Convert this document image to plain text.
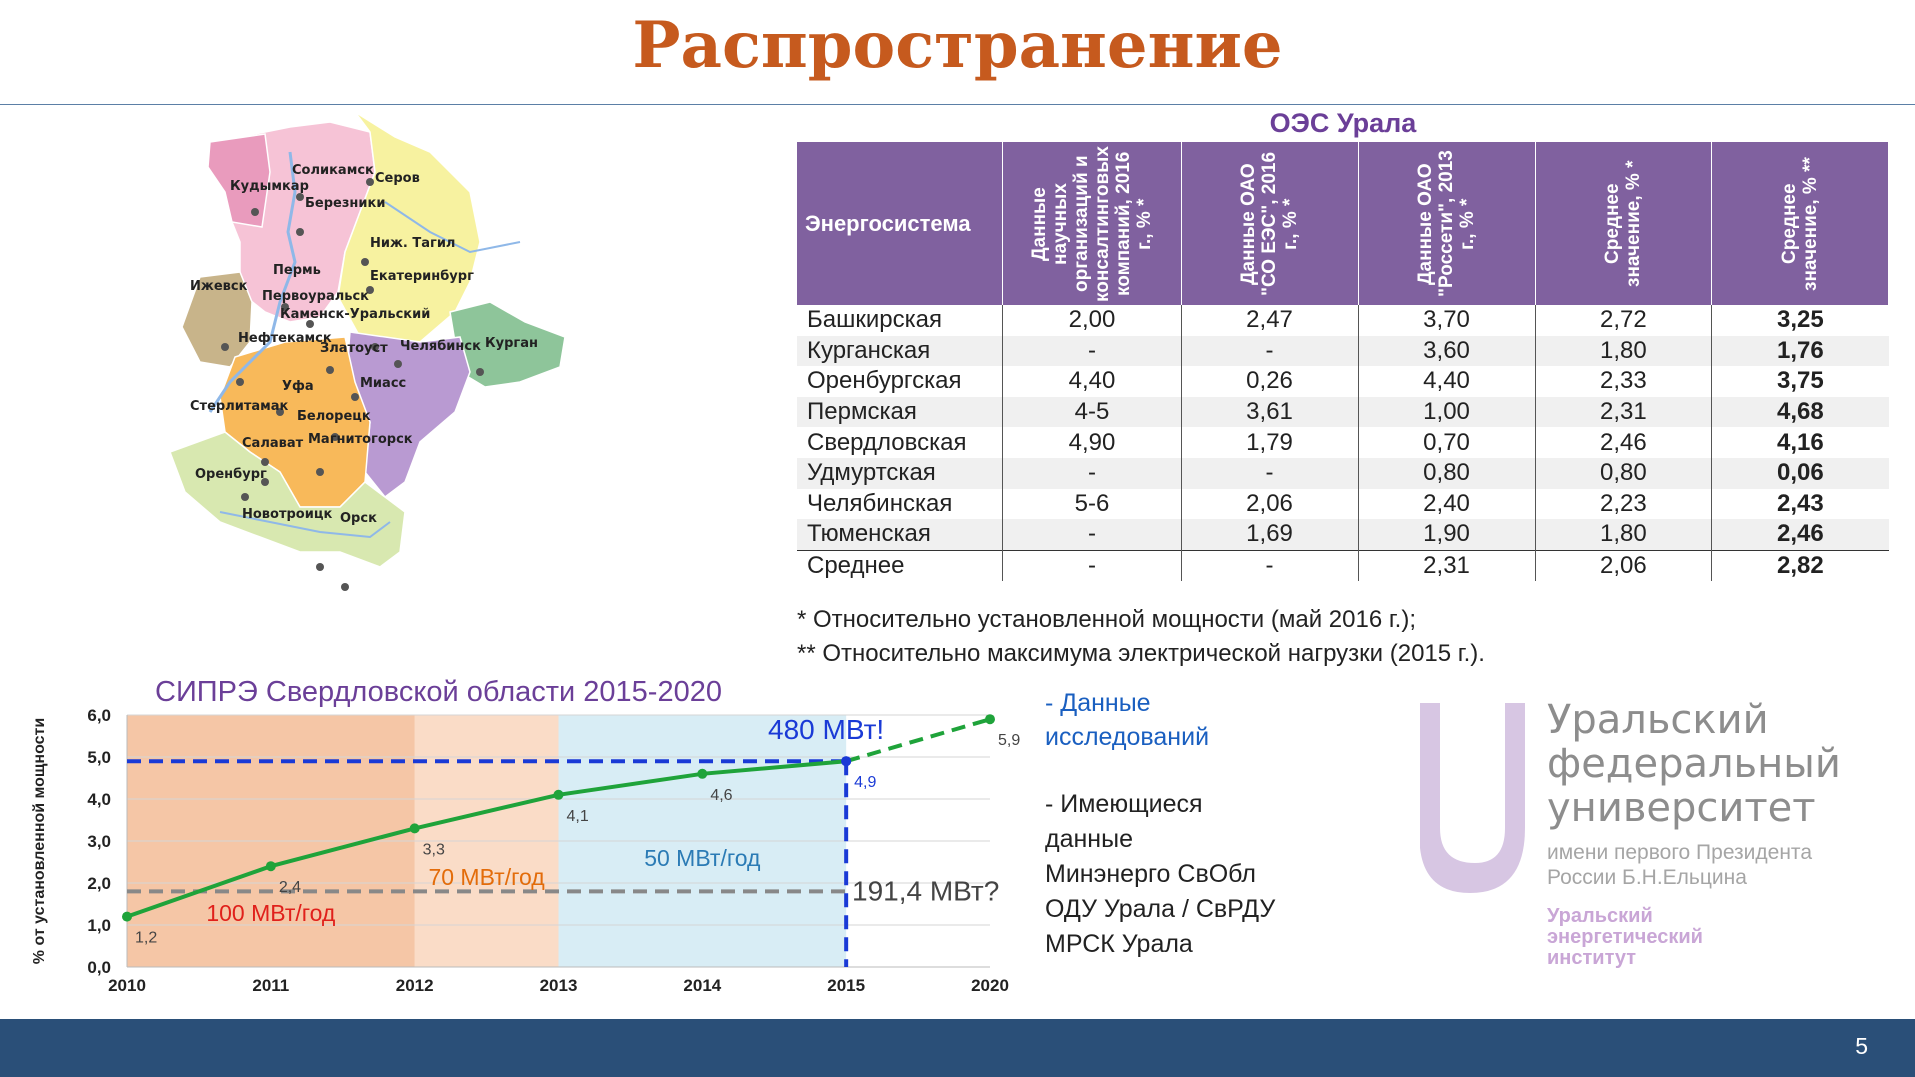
Распространение
Кудымкар
Соликамск
Серов
Березники
Ниж. Тагил
Пермь	Екатеринбург
Ижевск
Первоуральск
Каменск-Уральский
Нефтекамск
Златоуст Челябинск Курган
Уфа	Миасс
Стерлитамак
Белорецк
Салават Магнитогорск
Оренбург
Новотроицк Орск
ОЭС Урала
Энергосистема	Данные научных организаций и консалтинговых компаний, 2016 г., % *	Данные ОАО "СО ЕЭС", 2016 г., % *	Данные ОАО "Россети", 2013 г., % *	Среднее значение, % *	Среднее значение, % **

Башкирская	2,00	2,47	3,70	2,72	3,25
Курганская	-	-	3,60	1,80	1,76
Оренбургская	4,40	0,26	4,40	2,33	3,75
Пермская	4-5	3,61	1,00	2,31	4,68
Свердловская	4,90	1,79	0,70	2,46	4,16
Удмуртская	-	-	0,80	0,80	0,06
Челябинская	5-6	2,06	2,40	2,23	2,43
Тюменская	-	1,69	1,90	1,80	2,46
Среднее	-	-	2,31	2,06	2,82
* Относительно установленной мощности (май 2016 г.);
** Относительно максимума электрической нагрузки (2015 г.).
СИПРЭ Свердловской области 2015-2020
0,0
1,0
2,0
3,0
4,0
5,0
6,0
2010	2011	2012	2013	2014	2015	2020
% от установленной мощности	480 МВт!
191,4 МВт?
100 МВт/год
70 МВт/год
50 МВт/год
1,2
2,4
3,3
4,1
4,6
4,9
5,9
- Данные
исследований
- Имеющиеся
данные
Минэнерго СвОбл
ОДУ Урала / СвРДУ
МРСК Урала
Уральский
федеральный
университет
имени первого Президента
России Б.Н.Ельцина
Уральский
энергетический
институт
5
